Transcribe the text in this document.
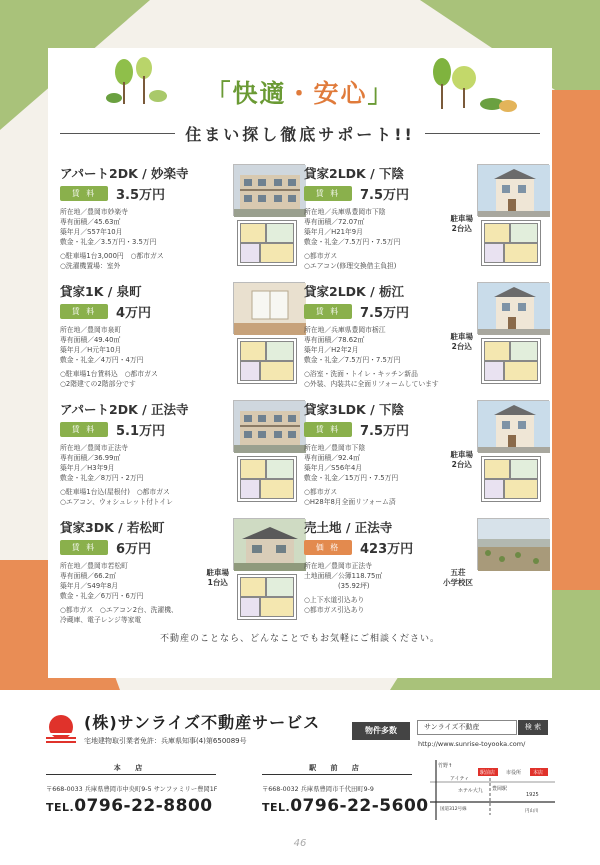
「快適・安心」
住まい探し徹底サポート!!
アパート2DK / 妙楽寺
賃 料	3.5万円
所在地／豊岡市妙楽寺
専有面積／45.63㎡
築年月／S57年10月
敷金・礼金／3.5万円・3.5万円
○駐車場1台3,000円　○都市ガス
○洗濯機置場：室外
貸家2LDK / 下陰
賃 料	7.5万円
所在地／兵庫県豊岡市下陰
専有面積／72.07㎡
築年月／H21年9月
敷金・礼金／7.5万円・7.5万円
○都市ガス
○エアコン(修理交換借主負担)
駐車場
2台込
貸家1K / 泉町
賃 料	4万円
所在地／豊岡市泉町
専有面積／49.40㎡
築年月／H元年10月
敷金・礼金／4万円・4万円
○駐車場1台賃料込　○都市ガス
○2階建ての2階部分です
貸家2LDK / 栃江
賃 料	7.5万円
所在地／兵庫県豊岡市栃江
専有面積／78.62㎡
築年月／H2年2月
敷金・礼金／7.5万円・7.5万円
○浴室・洗面・トイレ・キッチン新品
○外装、内装共に全面リフォームしています
駐車場
2台込
アパート2DK / 正法寺
賃 料	5.1万円
所在地／豊岡市正法寺
専有面積／36.99㎡
築年月／H3年9月
敷金・礼金／8万円・2万円
○駐車場1台込(屋根付)　○都市ガス
○エアコン、ウォシュレット付トイレ
貸家3LDK / 下陰
賃 料	7.5万円
所在地／豊岡市下陰
専有面積／92.4㎡
築年月／S56年4月
敷金・礼金／15万円・7.5万円
○都市ガス
○H28年8月全面リフォーム済
駐車場
2台込
貸家3DK / 若松町
賃 料	6万円
所在地／豊岡市若松町
専有面積／66.2㎡
築年月／S49年8月
敷金・礼金／6万円・6万円
○都市ガス　○エアコン2台、洗濯機、
冷蔵庫、電子レンジ等家電
駐車場
1台込
売土地 / 正法寺
価 格	423万円
所在地／豊岡市正法寺
土地面積／公簿118.75㎡
　　　　　(35.92坪)
○上下水道引込あり
○都市ガス引込あり
五荘
小学校区
不動産のことなら、どんなことでもお気軽にご相談ください。
(株)サンライズ不動産サービス
宅地建物取引業者免許：兵庫県知事(4)第650089号
物件多数	サンライズ不動産	検 索
http://www.sunrise-toyooka.com/
本 店
〒668-0033 兵庫県豊岡市中央町9-5 サンファミリー豊岡1F
TEL.0796-22-8800
駅 前 店
〒668-0032 兵庫県豊岡市千代田町9-9
TEL.0796-22-5600
竹野↑
アイティ
駅前店 市役所 本店
ホテル大九 豊岡駅
1925
国道312号線	円山川
46
